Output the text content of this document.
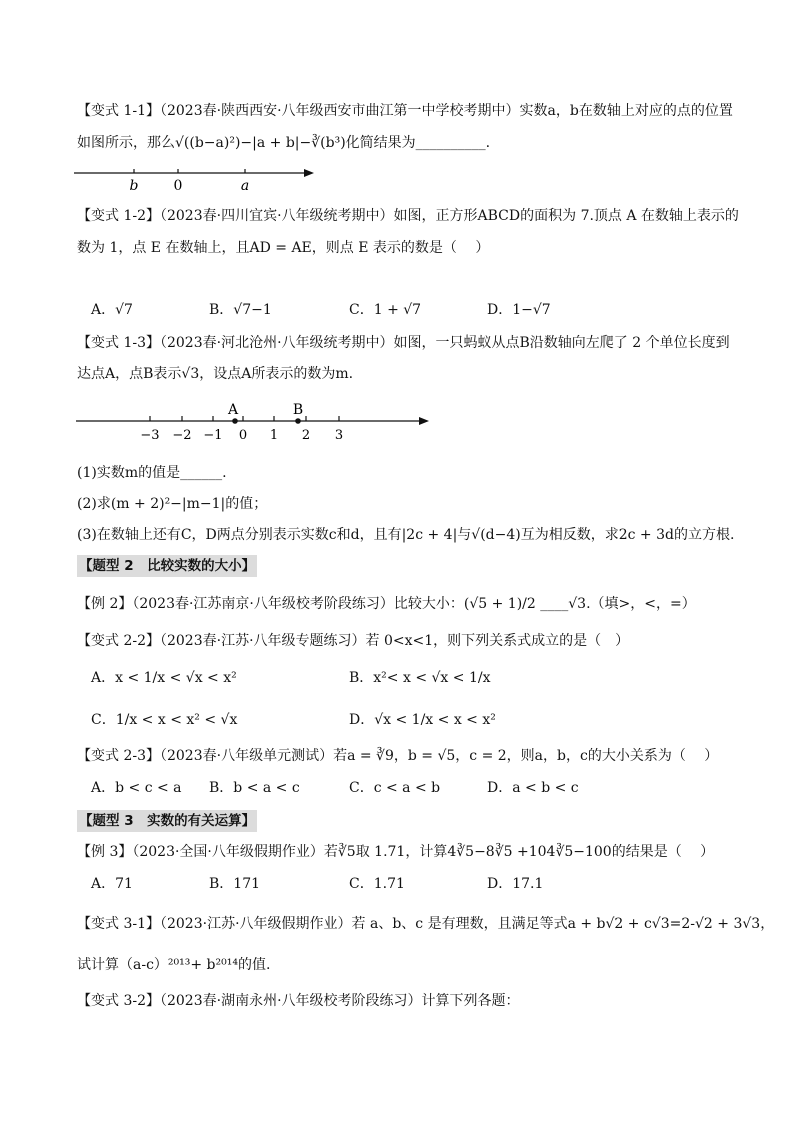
【变式 1-1】（2023春·陕西西安·八年级西安市曲江第一中学校考期中）实数a，b在数轴上对应的点的位置
如图所示，那么√((b−a)²)−|a + b|−∛(b³)化简结果为__________.
b	0	a
【变式 1-2】（2023春·四川宜宾·八年级统考期中）如图，正方形ABCD的面积为 7.顶点 A 在数轴上表示的
数为 1，点 E 在数轴上，且AD = AE，则点 E 表示的数是（　 ）
A．√7	B．√7−1	C．1 + √7	D．1−√7
【变式 1-3】（2023春·河北沧州·八年级统考期中）如图，一只蚂蚁从点B沿数轴向左爬了 2 个单位长度到
达点A，点B表示√3，设点A所表示的数为m.
−3 −2 −1 0 1 2 3
A	B
(1)实数m的值是______.
(2)求(m + 2)²−|m−1|的值；
(3)在数轴上还有C，D两点分别表示实数c和d，且有|2c + 4|与√(d−4)互为相反数，求2c + 3d的立方根.
【题型 2　比较实数的大小】
【例 2】（2023春·江苏南京·八年级校考阶段练习）比较大小：(√5 + 1)/2 ____√3.（填>，<，=）
【变式 2-2】（2023春·江苏·八年级专题练习）若 0<x<1，则下列关系式成立的是（　）
A．x < 1/x < √x < x²	B．x²< x < √x < 1/x
C．1/x < x < x² < √x	D．√x < 1/x < x < x²
【变式 2-3】（2023春·八年级单元测试）若a = ∛9，b = √5，c = 2，则a，b，c的大小关系为（　 ）
A．b < c < a B．b < a < c	C．c < a < b	D．a < b < c
【题型 3　实数的有关运算】
【例 3】（2023·全国·八年级假期作业）若∛5取 1.71，计算4∛5−8∛5 +104∛5−100的结果是（　 ）
A．71	B．171	C．1.71	D．17.1
【变式 3-1】（2023·江苏·八年级假期作业）若 a、b、c 是有理数，且满足等式a + b√2 + c√3=2-√2 + 3√3，
试计算（a-c）²⁰¹³+ b²⁰¹⁴的值.
【变式 3-2】（2023春·湖南永州·八年级校考阶段练习）计算下列各题：
